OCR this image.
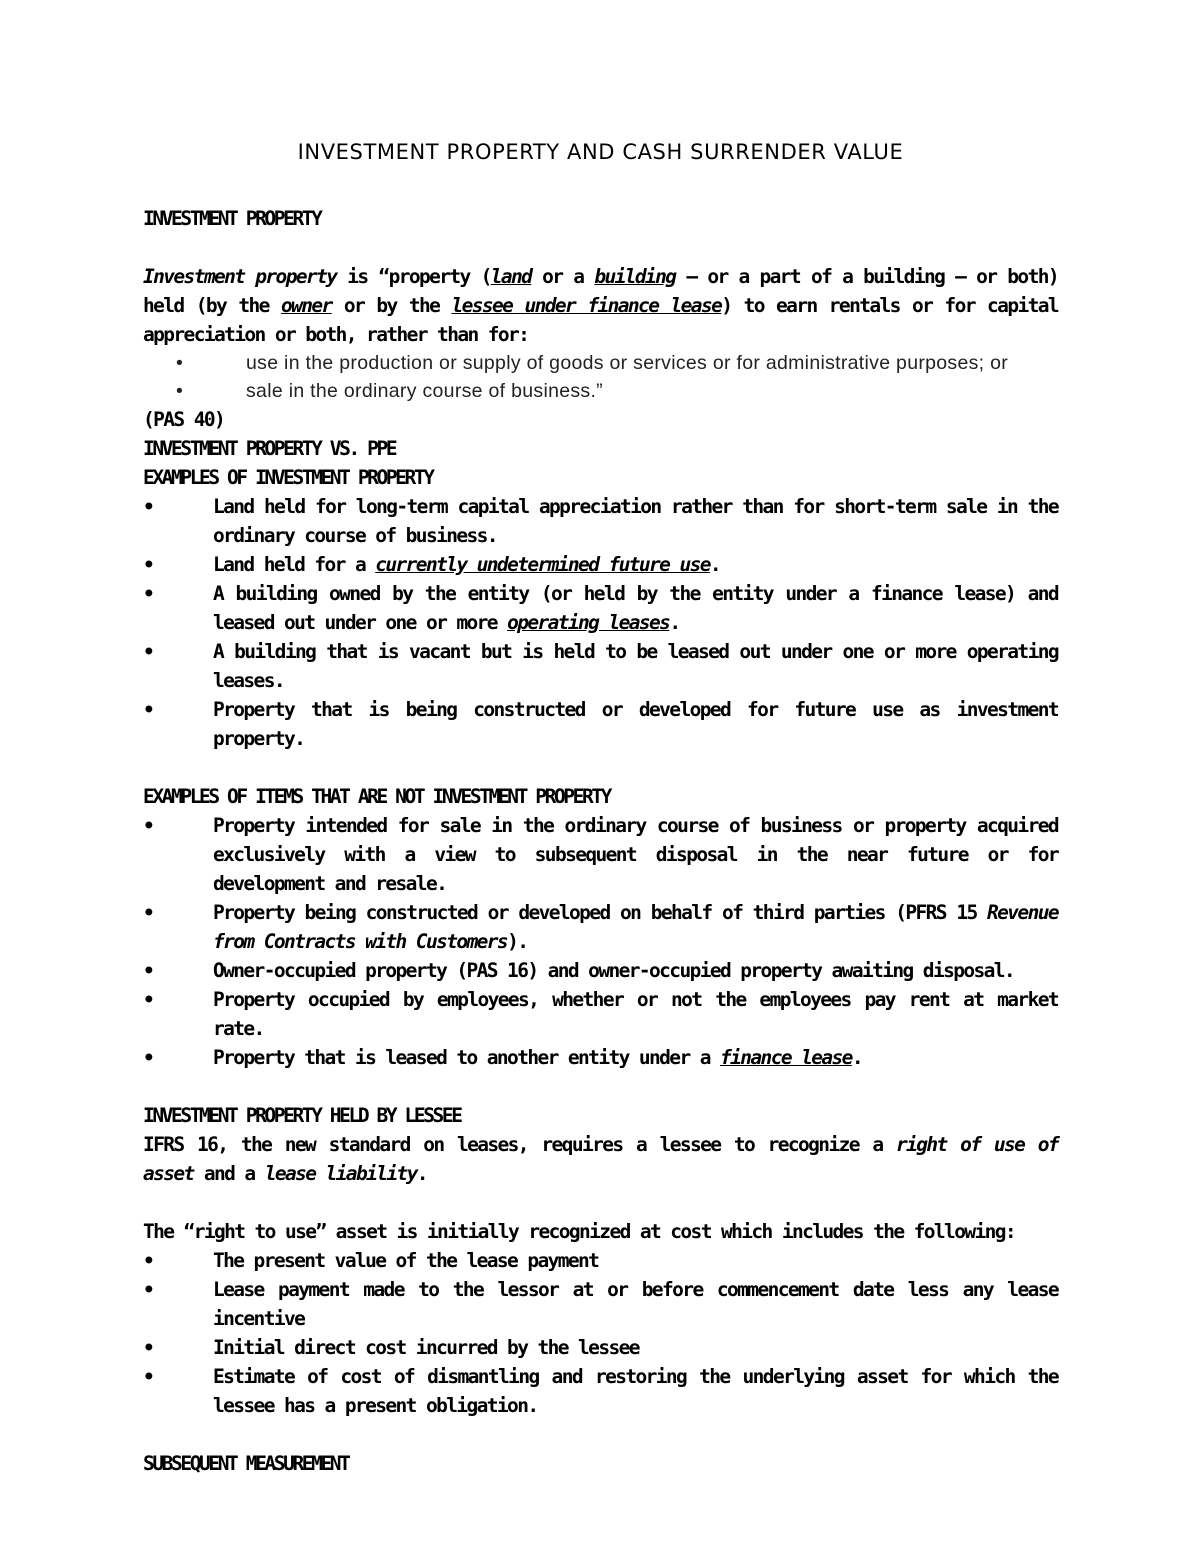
INVESTMENT PROPERTY AND CASH SURRENDER VALUE
INVESTMENT PROPERTY

Investment property is “property (land or a building – or a part of a building – or both) held (by the owner or by the lessee under finance lease) to earn rentals or for capital appreciation or both, rather than for:

•	use in the production or supply of goods or services or for administrative purposes; or
•	sale in the ordinary course of business.”

(PAS 40)

INVESTMENT PROPERTY VS. PPE
EXAMPLES OF INVESTMENT PROPERTY
•	Land held for long-term capital appreciation rather than for short-term sale in the ordinary course of business.
•	Land held for a currently undetermined future use.
•	A building owned by the entity (or held by the entity under a finance lease) and leased out under one or more operating leases.
•	A building that is vacant but is held to be leased out under one or more operating leases.
•	Property that is being constructed or developed for future use as investment property.
EXAMPLES OF ITEMS THAT ARE NOT INVESTMENT PROPERTY
•	Property intended for sale in the ordinary course of business or property acquired exclusively with a view to subsequent disposal in the near future or for development and resale.
•	Property being constructed or developed on behalf of third parties (PFRS 15 Revenue from Contracts with Customers).
•	Owner-occupied property (PAS 16) and owner-occupied property awaiting disposal.
•	Property occupied by employees, whether or not the employees pay rent at market rate.
•	Property that is leased to another entity under a finance lease.
INVESTMENT PROPERTY HELD BY LESSEE

IFRS 16, the new standard on leases, requires a lessee to recognize a right of use of asset and a lease liability.

The “right to use” asset is initially recognized at cost which includes the following:

•	The present value of the lease payment
•	Lease payment made to the lessor at or before commencement date less any lease incentive
•	Initial direct cost incurred by the lessee
•	Estimate of cost of dismantling and restoring the underlying asset for which the lessee has a present obligation.
SUBSEQUENT MEASUREMENT
